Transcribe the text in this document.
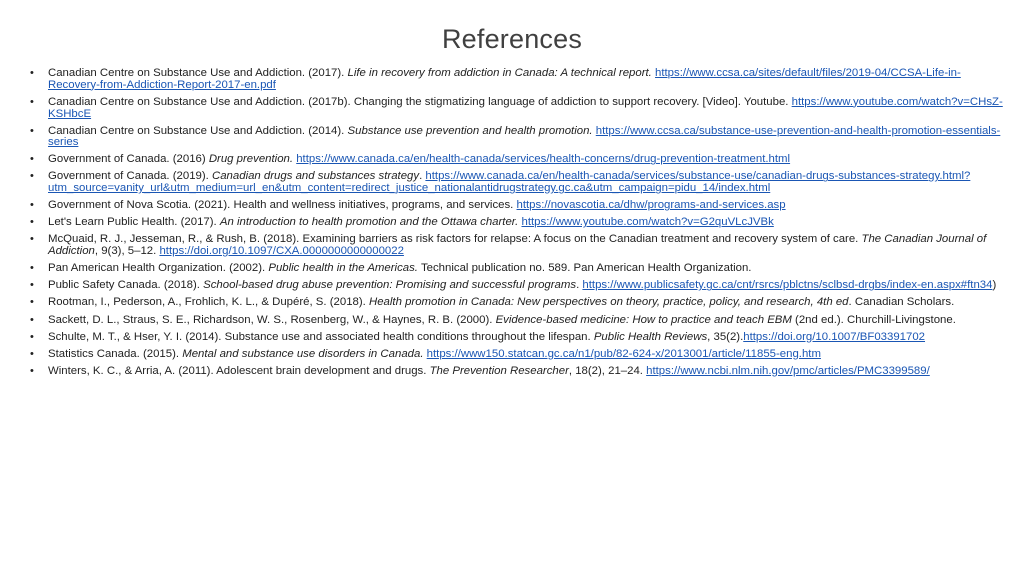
References
• Canadian Centre on Substance Use and Addiction. (2017). Life in recovery from addiction in Canada: A technical report. https://www.ccsa.ca/sites/default/files/2019-04/CCSA-Life-in-Recovery-from-Addiction-Report-2017-en.pdf
• Canadian Centre on Substance Use and Addiction. (2017b). Changing the stigmatizing language of addiction to support recovery. [Video]. Youtube. https://www.youtube.com/watch?v=CHsZ-KSHbcE
• Canadian Centre on Substance Use and Addiction. (2014). Substance use prevention and health promotion. https://www.ccsa.ca/substance-use-prevention-and-health-promotion-essentials-series
• Government of Canada. (2016) Drug prevention. https://www.canada.ca/en/health-canada/services/health-concerns/drug-prevention-treatment.html
• Government of Canada. (2019). Canadian drugs and substances strategy. https://www.canada.ca/en/health-canada/services/substance-use/canadian-drugs-substances-strategy.html?utm_source=vanity_url&utm_medium=url_en&utm_content=redirect_justice_nationalantidrugstrategy.gc.ca&utm_campaign=pidu_14/index.html
• Government of Nova Scotia. (2021). Health and wellness initiatives, programs, and services. https://novascotia.ca/dhw/programs-and-services.asp
• Let's Learn Public Health. (2017). An introduction to health promotion and the Ottawa charter. https://www.youtube.com/watch?v=G2quVLcJVBk
• McQuaid, R. J., Jesseman, R., & Rush, B. (2018). Examining barriers as risk factors for relapse: A focus on the Canadian treatment and recovery system of care. The Canadian Journal of Addiction, 9(3), 5–12. https://doi.org/10.1097/CXA.0000000000000022
• Pan American Health Organization. (2002). Public health in the Americas. Technical publication no. 589. Pan American Health Organization.
• Public Safety Canada. (2018). School-based drug abuse prevention: Promising and successful programs. https://www.publicsafety.gc.ca/cnt/rsrcs/pblctns/sclbsd-drgbs/index-en.aspx#ftn34)
• Rootman, I., Pederson, A., Frohlich, K. L., & Dupéré, S. (2018). Health promotion in Canada: New perspectives on theory, practice, policy, and research, 4th ed. Canadian Scholars.
• Sackett, D. L., Straus, S. E., Richardson, W. S., Rosenberg, W., & Haynes, R. B. (2000). Evidence-based medicine: How to practice and teach EBM (2nd ed.). Churchill-Livingstone.
• Schulte, M. T., & Hser, Y. I. (2014). Substance use and associated health conditions throughout the lifespan. Public Health Reviews, 35(2).https://doi.org/10.1007/BF03391702
• Statistics Canada. (2015). Mental and substance use disorders in Canada. https://www150.statcan.gc.ca/n1/pub/82-624-x/2013001/article/11855-eng.htm
• Winters, K. C., & Arria, A. (2011). Adolescent brain development and drugs. The Prevention Researcher, 18(2), 21–24. https://www.ncbi.nlm.nih.gov/pmc/articles/PMC3399589/
